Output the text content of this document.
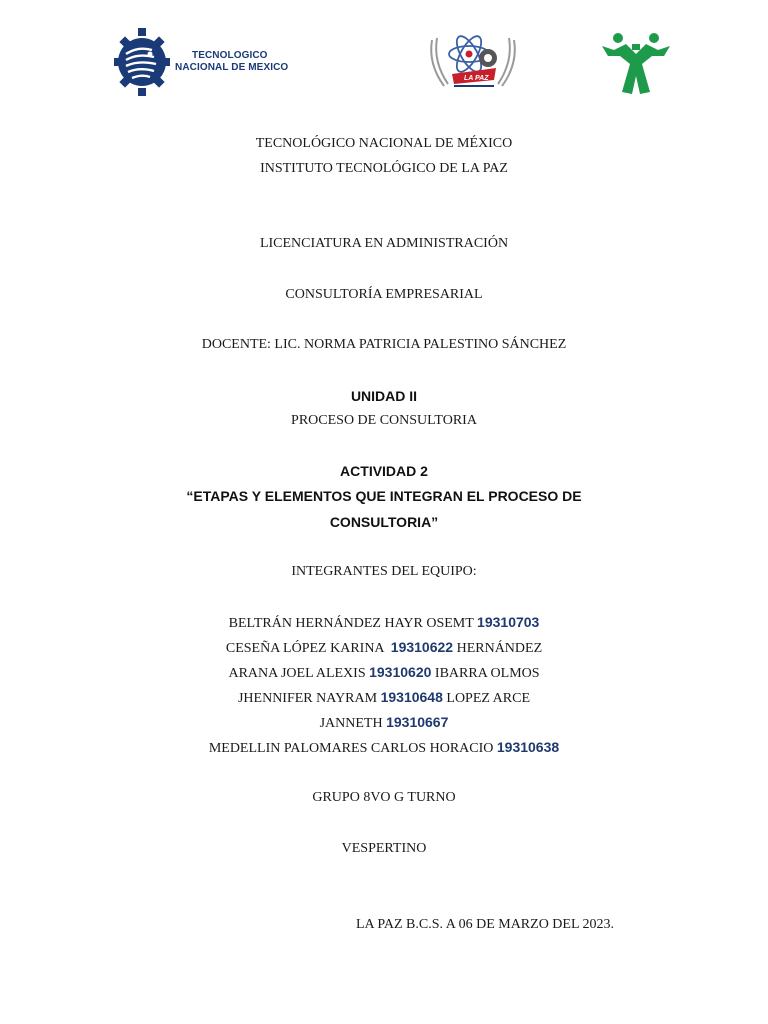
TECNOLOGICO
NACIONAL DE MEXICO
LA PAZ
TECNOLÓGICO NACIONAL DE MÉXICO
INSTITUTO TECNOLÓGICO DE LA PAZ
LICENCIATURA EN ADMINISTRACIÓN
CONSULTORÍA EMPRESARIAL
DOCENTE: LIC. NORMA PATRICIA PALESTINO SÁNCHEZ
UNIDAD II
PROCESO DE CONSULTORIA
ACTIVIDAD 2
“ETAPAS Y ELEMENTOS QUE INTEGRAN EL PROCESO DE
CONSULTORIA”
INTEGRANTES DEL EQUIPO:
BELTRÁN HERNÁNDEZ HAYR OSEMT 19310703
CESEÑA LÓPEZ KARINA  19310622 HERNÁNDEZ
ARANA JOEL ALEXIS 19310620 IBARRA OLMOS
JHENNIFER NAYRAM 19310648 LOPEZ ARCE
JANNETH 19310667
MEDELLIN PALOMARES CARLOS HORACIO 19310638
GRUPO 8VO G TURNO
VESPERTINO
LA PAZ B.C.S. A 06 DE MARZO DEL 2023.
